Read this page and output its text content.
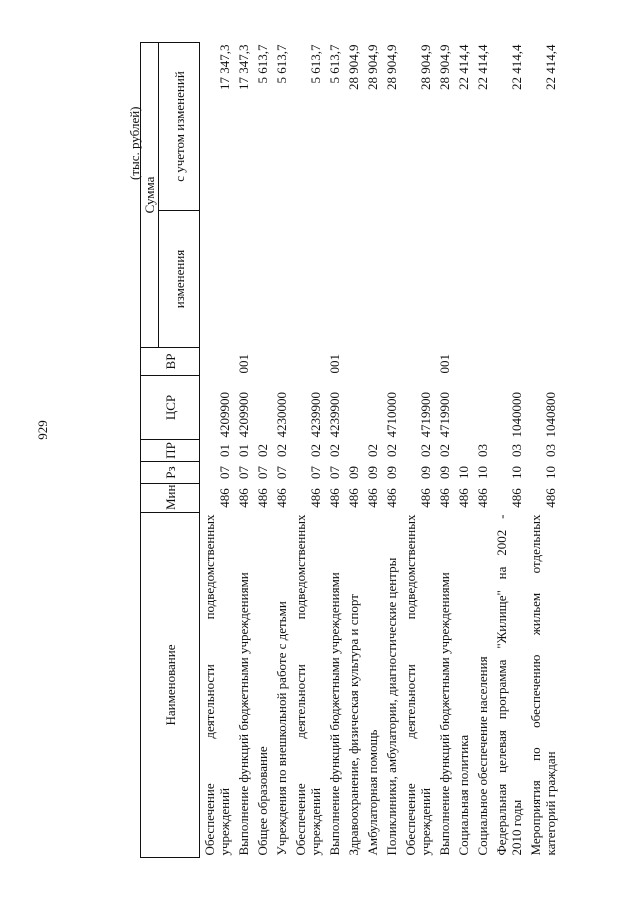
929
(тыс. рублей)
Наименование	Мин	Рз	ПР	ЦСР	ВР	Сумма	
						изменения	с учетом изменений

Обеспечение деятельности подведомственных учреждений	486	07	01	4209900			17 347,3

Выполнение функций бюджетными учреждениями	486	07	01	4209900	001		17 347,3

Общее образование	486	07	02				5 613,7

Учреждения по внешкольной работе с детьми	486	07	02	4230000			5 613,7

Обеспечение деятельности подведомственных учреждений	486	07	02	4239900			5 613,7

Выполнение функций бюджетными учреждениями	486	07	02	4239900	001		5 613,7

Здравоохранение, физическая культура и спорт	486	09					28 904,9

Амбулаторная помощь	486	09	02				28 904,9

Поликлиники, амбулатории, диагностические центры	486	09	02	4710000			28 904,9

Обеспечение деятельности подведомственных учреждений	486	09	02	4719900			28 904,9

Выполнение функций бюджетными учреждениями	486	09	02	4719900	001		28 904,9

Социальная политика	486	10					22 414,4

Социальное обеспечение населения	486	10	03				22 414,4

Федеральная целевая программа "Жилище" на 2002 - 2010 годы	486	10	03	1040000			22 414,4

Мероприятия по обеспечению жильем отдельных категорий граждан	486	10	03	1040800			22 414,4
